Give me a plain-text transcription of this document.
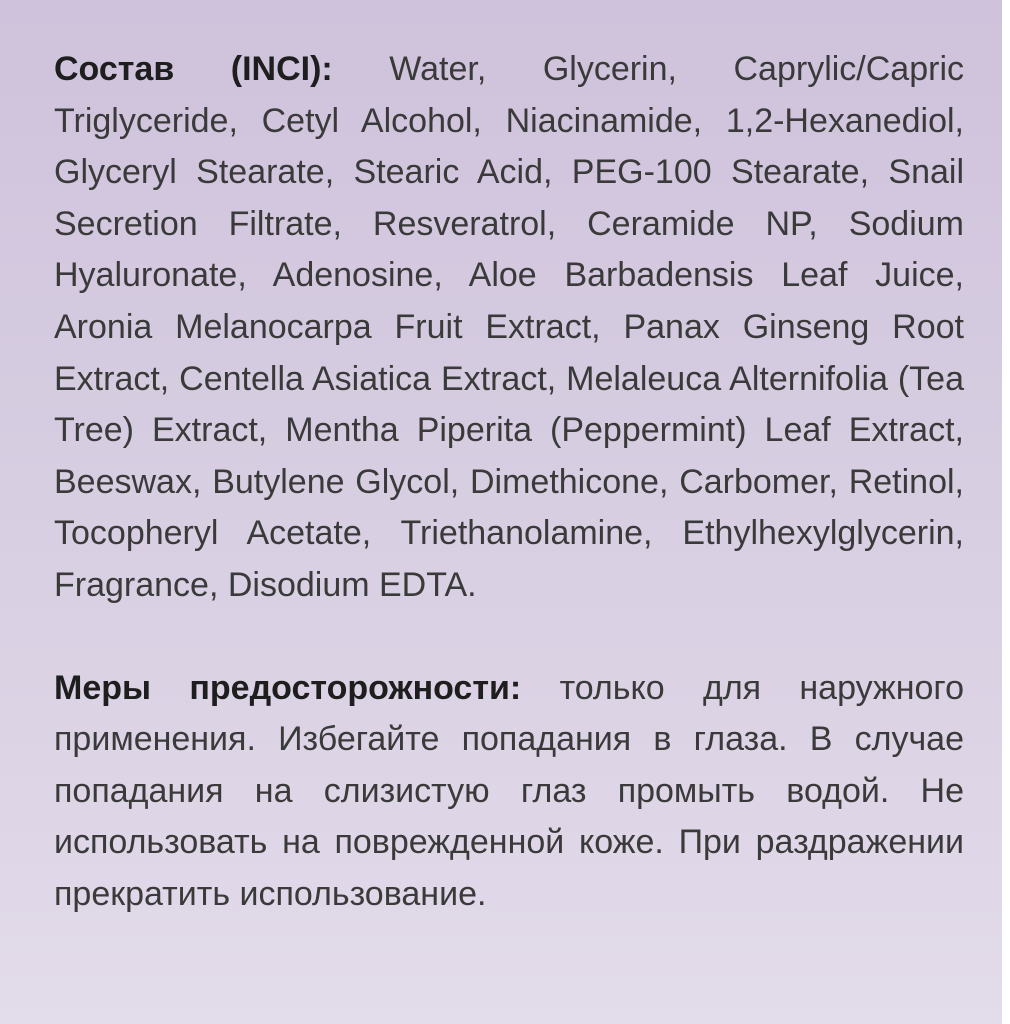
Состав (INCI): Water, Glycerin, Caprylic/Capric Triglyceride, Cetyl Alcohol, Niacinamide, 1,2-Hexanediol, Glyceryl Stearate, Stearic Acid, PEG-100 Stearate, Snail Secretion Filtrate, Resveratrol, Ceramide NP, Sodium Hyaluronate, Adenosine, Aloe Barbadensis Leaf Juice, Aronia Melanocarpa Fruit Extract, Panax Ginseng Root Extract, Centella Asiatica Extract, Melaleuca Alternifolia (Tea Tree) Extract, Mentha Piperita (Peppermint) Leaf Extract, Beeswax, Butylene Glycol, Dimethicone, Carbomer, Retinol, Tocopheryl Acetate, Triethanolamine, Ethylhexylglycerin, Fragrance, Disodium EDTA.

Меры предосторожности: только для наружного применения. Избегайте попадания в глаза. В случае попадания на слизистую глаз промыть водой. Не использовать на поврежденной коже. При раздражении прекратить использование.
